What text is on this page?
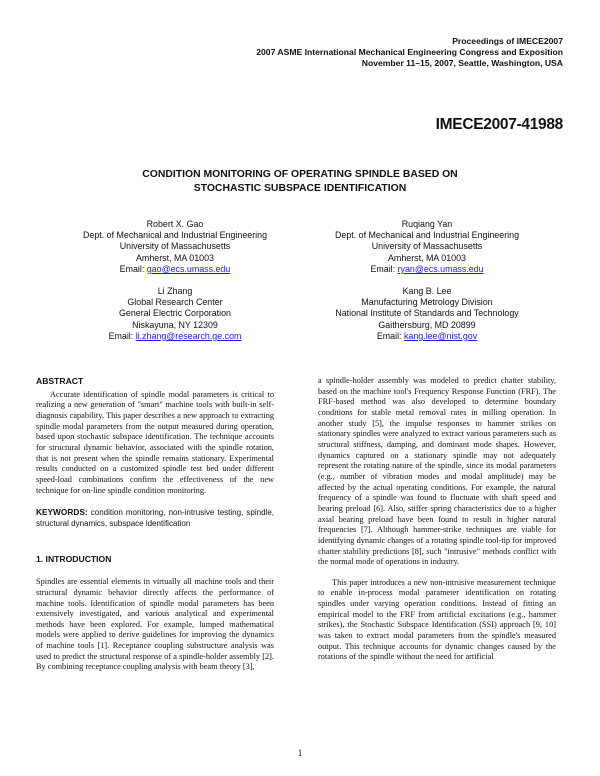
Proceedings of IMECE2007
2007 ASME International Mechanical Engineering Congress and Exposition
November 11–15, 2007, Seattle, Washington, USA
IMECE2007-41988
CONDITION MONITORING OF OPERATING SPINDLE BASED ON
STOCHASTIC SUBSPACE IDENTIFICATION
Robert X. Gao
Dept. of Mechanical and Industrial Engineering
University of Massachusetts
Amherst, MA 01003
Email: gao@ecs.umass.edu
Ruqiang Yan
Dept. of Mechanical and Industrial Engineering
University of Massachusetts
Amherst, MA 01003
Email: ryan@ecs.umass.edu
Li Zhang
Global Research Center
General Electric Corporation
Niskayuna, NY 12309
Email: li.zhang@research.ge.com
Kang B. Lee
Manufacturing Metrology Division
National Institute of Standards and Technology
Gaithersburg, MD 20899
Email: kang.lee@nist.gov
ABSTRACT

Accurate identification of spindle modal parameters is critical to realizing a new generation of "smart" machine tools with built-in self-diagnosis capability. This paper describes a new approach to extracting spindle modal parameters from the output measured during operation, based upon stochastic subspace identification. The technique accounts for structural dynamic behavior, associated with the spindle rotation, that is not present when the spindle remains stationary. Experimental results conducted on a customized spindle test bed under different speed-load combinations confirm the effectiveness of the new technique for on-line spindle condition monitoring.

KEYWORDS: condition monitoring, non-intrusive testing, spindle, structural dynamics, subspace identification

1. INTRODUCTION

Spindles are essential elements in virtually all machine tools and their structural dynamic behavior directly affects the performance of machine tools. Identification of spindle modal parameters has been extensively investigated, and various analytical and experimental methods have been explored. For example, lumped mathematical models were applied to derive guidelines for improving the dynamics of machine tools [1]. Receptance coupling substructure analysis was used to predict the structural response of a spindle-holder assembly [2]. By combining receptance coupling analysis with beam theory [3],

a spindle-holder assembly was modeled to predict chatter stability, based on the machine tool's Frequency Response Function (FRF). The FRF-based method was also developed to determine boundary conditions for stable metal removal rates in milling operation. In another study [5], the impulse responses to hammer strikes on stationary spindles were analyzed to extract various parameters such as structural stiffness, damping, and dominant mode shapes. However, dynamics captured on a stationary spindle may not adequately represent the rotating nature of the spindle, since its modal parameters (e.g., number of vibration modes and modal amplitude) may be affected by the actual operating conditions. For example, the natural frequency of a spindle was found to fluctuate with shaft speed and bearing preload [6]. Also, stiffer spring characteristics due to a higher axial bearing preload have been found to result in higher natural frequencies [7]. Although hammer-strike techniques are viable for identifying dynamic changes of a rotating spindle tool-tip for improved chatter stability predictions [8], such "intrusive" methods conflict with the normal mode of operations in industry.

This paper introduces a new non-intrusive measurement technique to enable in-process modal parameter identification on rotating spindles under varying operation conditions. Instead of fitting an empirical model to the FRF from artificial excitations (e.g., hammer strikes), the Stochastic Subspace Identification (SSI) approach [9, 10] was taken to extract modal parameters from the spindle's measured output. This technique accounts for dynamic changes caused by the rotations of the spindle without the need for artificial

1
